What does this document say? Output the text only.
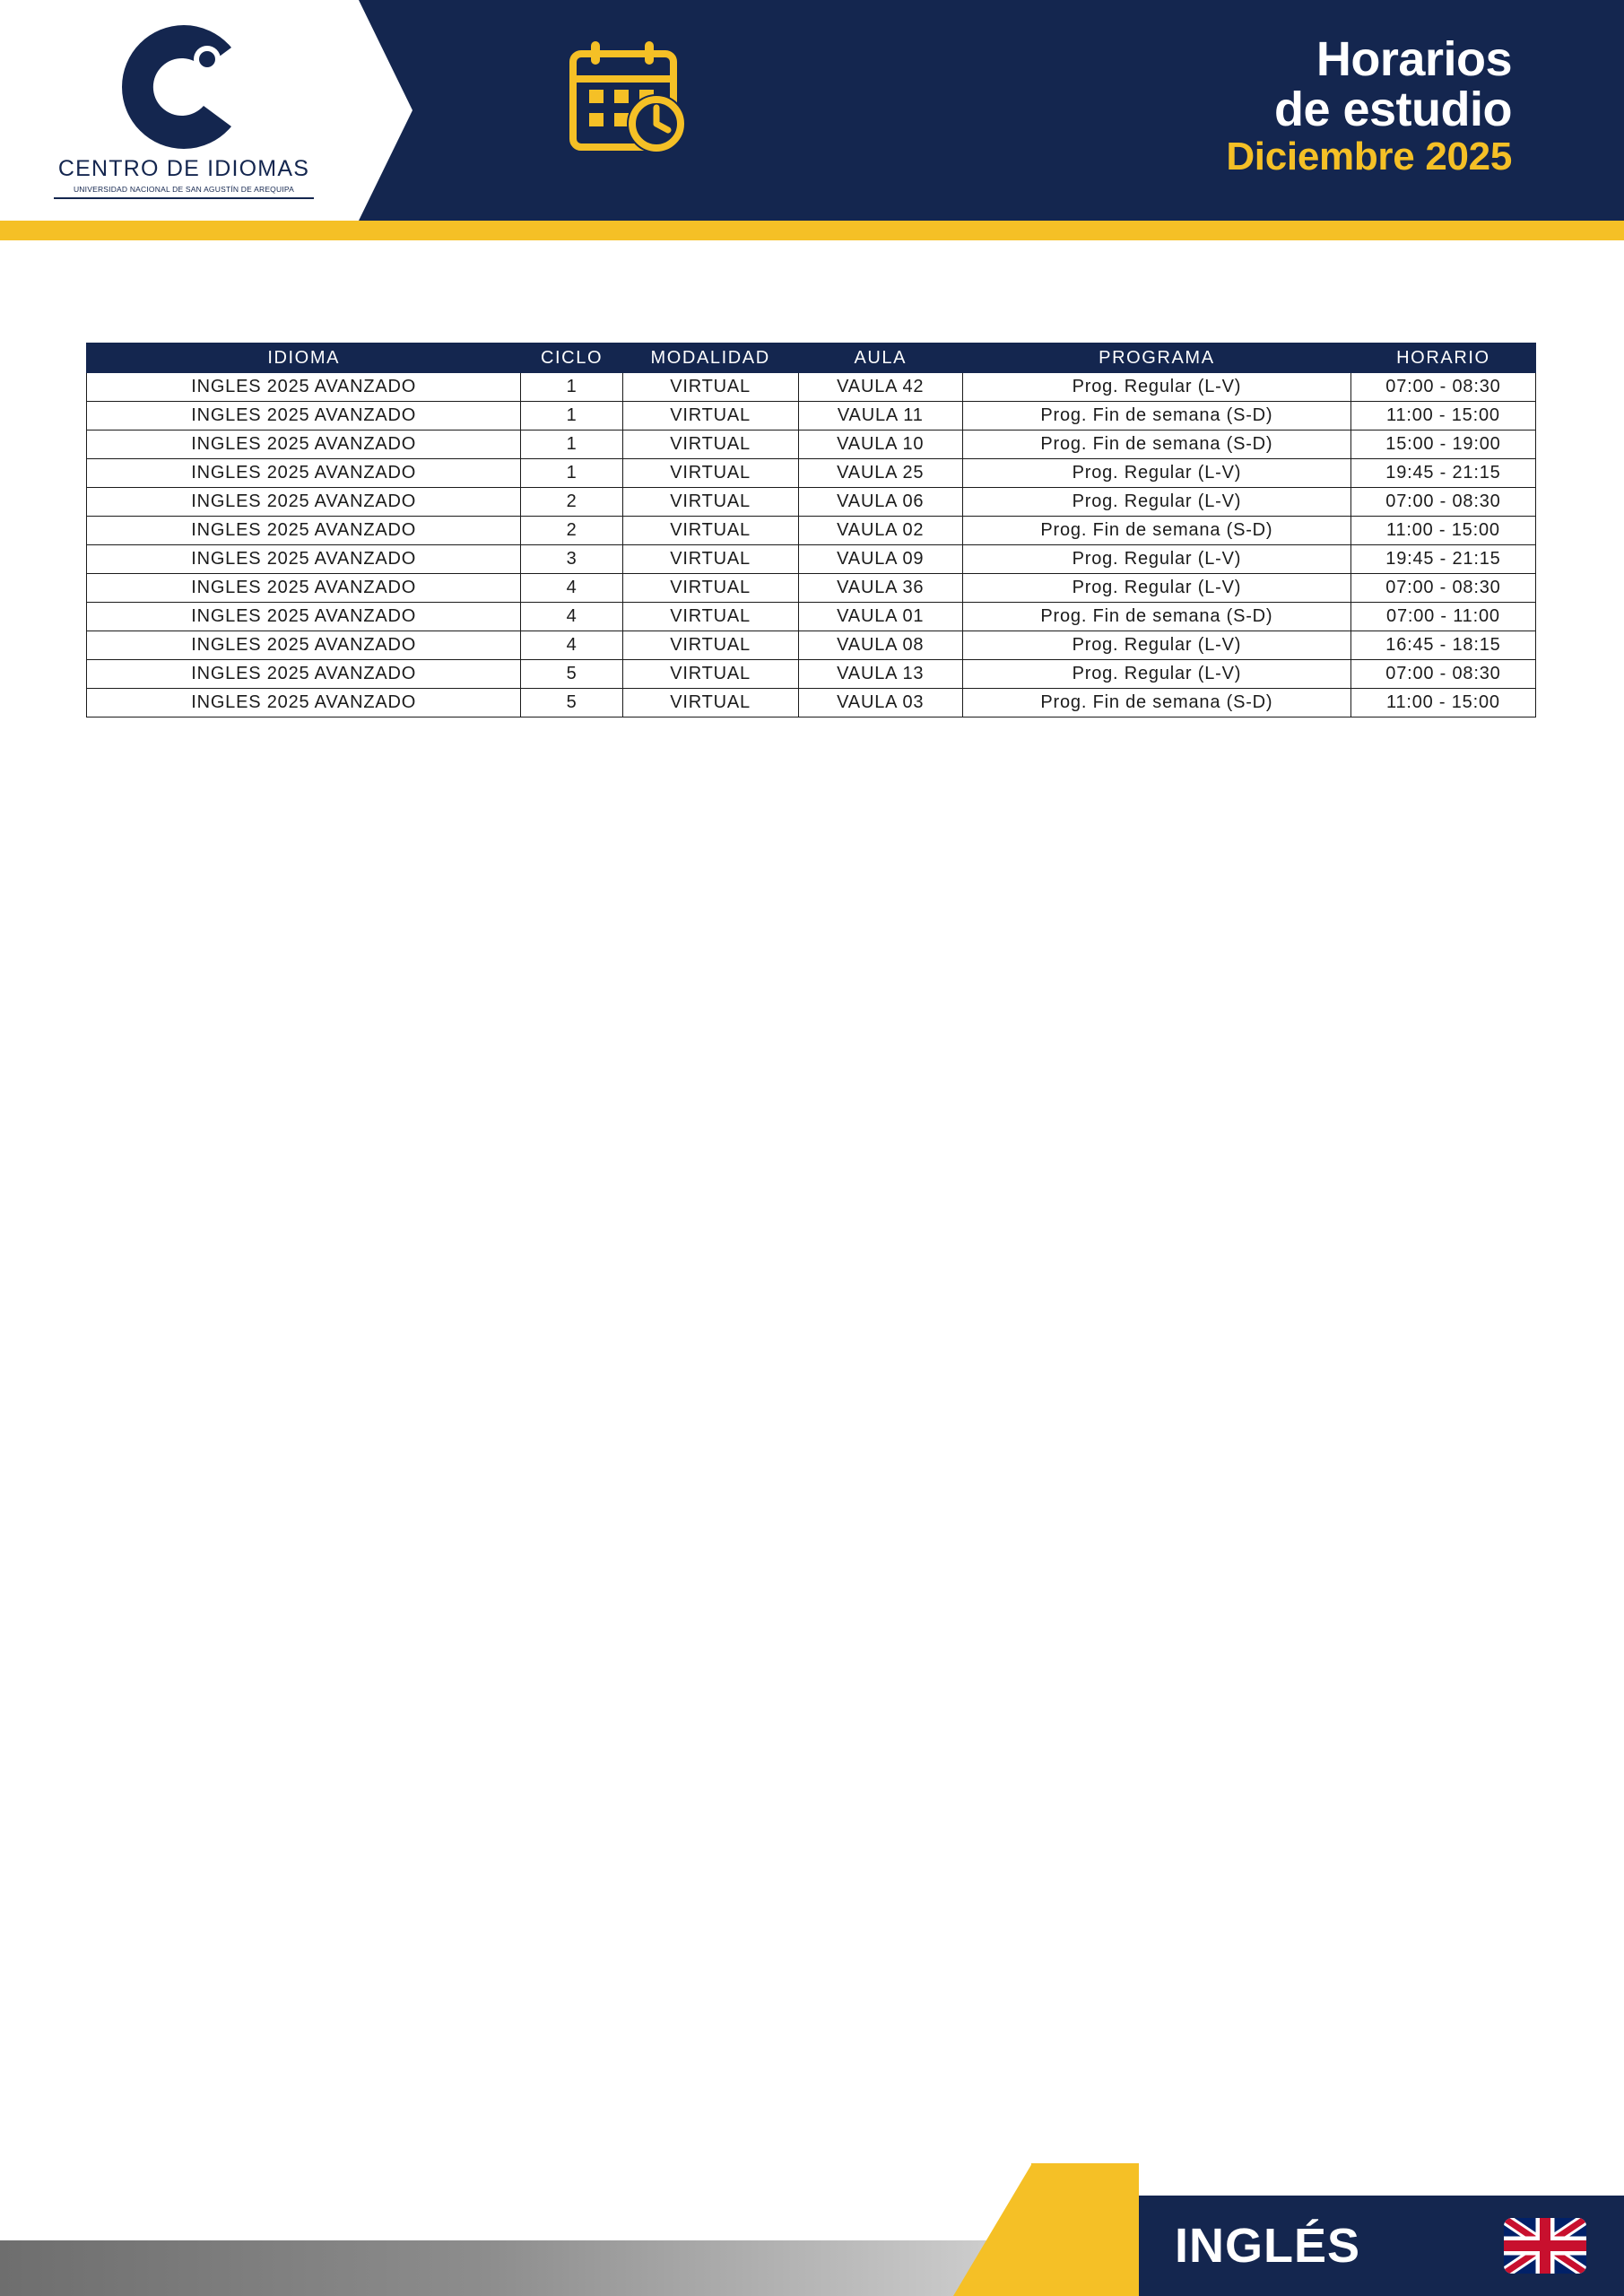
CENTRO DE IDIOMAS
UNIVERSIDAD NACIONAL DE SAN AGUSTÍN DE AREQUIPA
Horarios
de estudio
Diciembre 2025
IDIOMA	CICLO	MODALIDAD	AULA	PROGRAMA	HORARIO
INGLES 2025 AVANZADO	1	VIRTUAL	VAULA 42	Prog. Regular (L-V)	07:00 - 08:30
INGLES 2025 AVANZADO	1	VIRTUAL	VAULA 11	Prog. Fin de semana (S-D)	11:00 - 15:00
INGLES 2025 AVANZADO	1	VIRTUAL	VAULA 10	Prog. Fin de semana (S-D)	15:00 - 19:00
INGLES 2025 AVANZADO	1	VIRTUAL	VAULA 25	Prog. Regular (L-V)	19:45 - 21:15
INGLES 2025 AVANZADO	2	VIRTUAL	VAULA 06	Prog. Regular (L-V)	07:00 - 08:30
INGLES 2025 AVANZADO	2	VIRTUAL	VAULA 02	Prog. Fin de semana (S-D)	11:00 - 15:00
INGLES 2025 AVANZADO	3	VIRTUAL	VAULA 09	Prog. Regular (L-V)	19:45 - 21:15
INGLES 2025 AVANZADO	4	VIRTUAL	VAULA 36	Prog. Regular (L-V)	07:00 - 08:30
INGLES 2025 AVANZADO	4	VIRTUAL	VAULA 01	Prog. Fin de semana (S-D)	07:00 - 11:00
INGLES 2025 AVANZADO	4	VIRTUAL	VAULA 08	Prog. Regular (L-V)	16:45 - 18:15
INGLES 2025 AVANZADO	5	VIRTUAL	VAULA 13	Prog. Regular (L-V)	07:00 - 08:30
INGLES 2025 AVANZADO	5	VIRTUAL	VAULA 03	Prog. Fin de semana (S-D)	11:00 - 15:00
INGLÉS
